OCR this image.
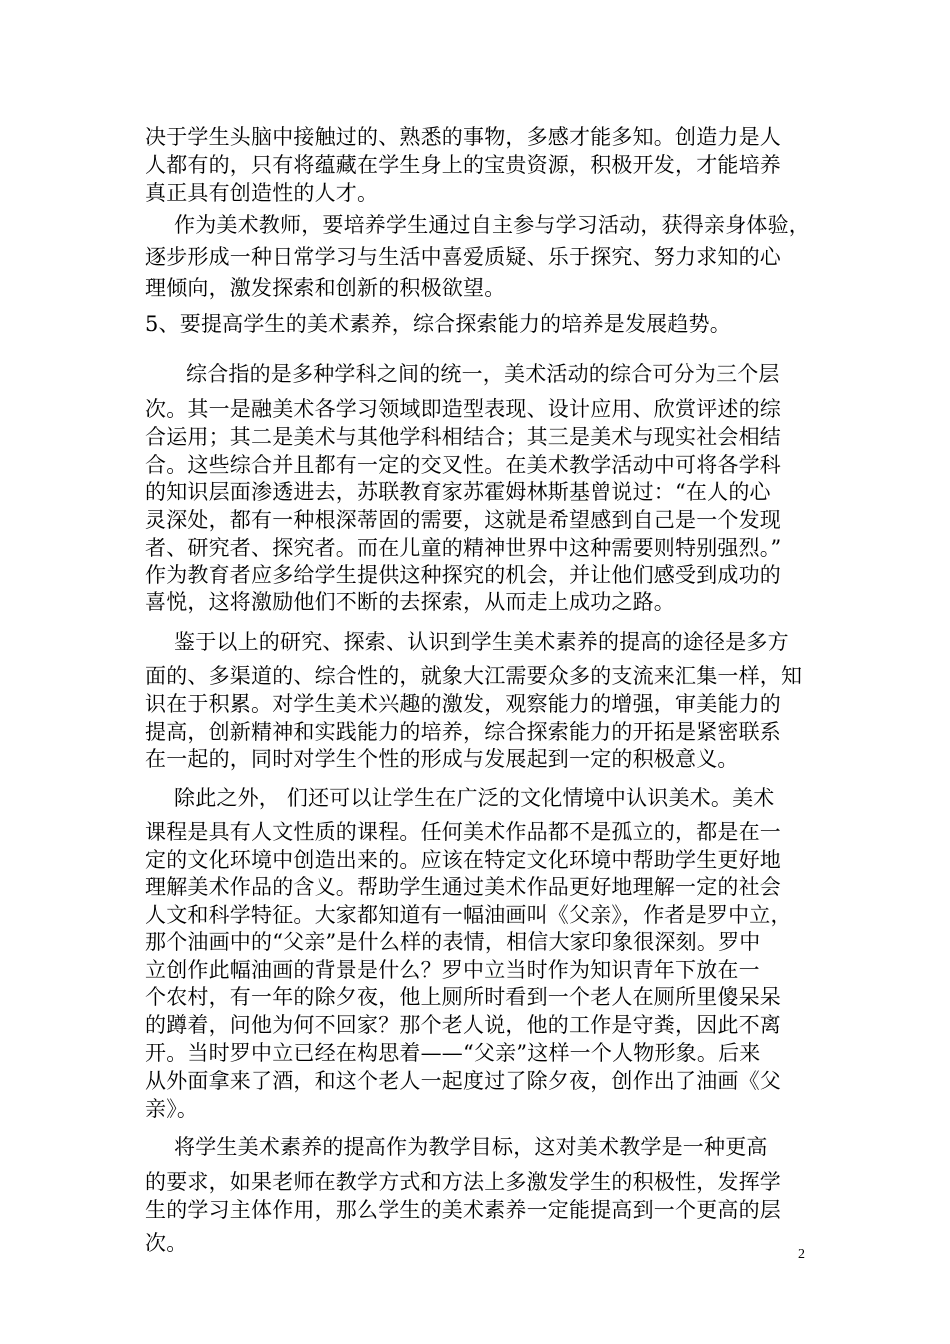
决于学生头脑中接触过的、熟悉的事物，多感才能多知。创造力是人

人都有的，只有将蕴藏在学生身上的宝贵资源，积极开发，才能培养

真正具有创造性的人才。

作为美术教师，要培养学生通过自主参与学习活动，获得亲身体验，

逐步形成一种日常学习与生活中喜爱质疑、乐于探究、努力求知的心

理倾向，激发探索和创新的积极欲望。

5、要提高学生的美术素养，综合探索能力的培养是发展趋势。

综合指的是多种学科之间的统一，美术活动的综合可分为三个层

次。其一是融美术各学习领域即造型表现、设计应用、欣赏评述的综

合运用；其二是美术与其他学科相结合；其三是美术与现实社会相结

合。这些综合并且都有一定的交叉性。在美术教学活动中可将各学科

的知识层面渗透进去，苏联教育家苏霍姆林斯基曾说过：“在人的心

灵深处，都有一种根深蒂固的需要，这就是希望感到自己是一个发现

者、研究者、探究者。而在儿童的精神世界中这种需要则特别强烈。”

作为教育者应多给学生提供这种探究的机会，并让他们感受到成功的

喜悦，这将激励他们不断的去探索，从而走上成功之路。

鉴于以上的研究、探索、认识到学生美术素养的提高的途径是多方

面的、多渠道的、综合性的，就象大江需要众多的支流来汇集一样，知

识在于积累。对学生美术兴趣的激发，观察能力的增强，审美能力的

提高，创新精神和实践能力的培养，综合探索能力的开拓是紧密联系

在一起的，同时对学生个性的形成与发展起到一定的积极意义。

除此之外， 们还可以让学生在广泛的文化情境中认识美术。美术

课程是具有人文性质的课程。任何美术作品都不是孤立的，都是在一

定的文化环境中创造出来的。应该在特定文化环境中帮助学生更好地

理解美术作品的含义。帮助学生通过美术作品更好地理解一定的社会

人文和科学特征。大家都知道有一幅油画叫《父亲》，作者是罗中立，

那个油画中的“父亲”是什么样的表情，相信大家印象很深刻。罗中

立创作此幅油画的背景是什么？罗中立当时作为知识青年下放在一

个农村，有一年的除夕夜，他上厕所时看到一个老人在厕所里傻呆呆

的蹲着，问他为何不回家？那个老人说，他的工作是守粪，因此不离

开。当时罗中立已经在构思着——“父亲”这样一个人物形象。后来

从外面拿来了酒，和这个老人一起度过了除夕夜，创作出了油画《父

亲》。

将学生美术素养的提高作为教学目标，这对美术教学是一种更高

的要求，如果老师在教学方式和方法上多激发学生的积极性，发挥学

生的学习主体作用，那么学生的美术素养一定能提高到一个更高的层

次。	2
